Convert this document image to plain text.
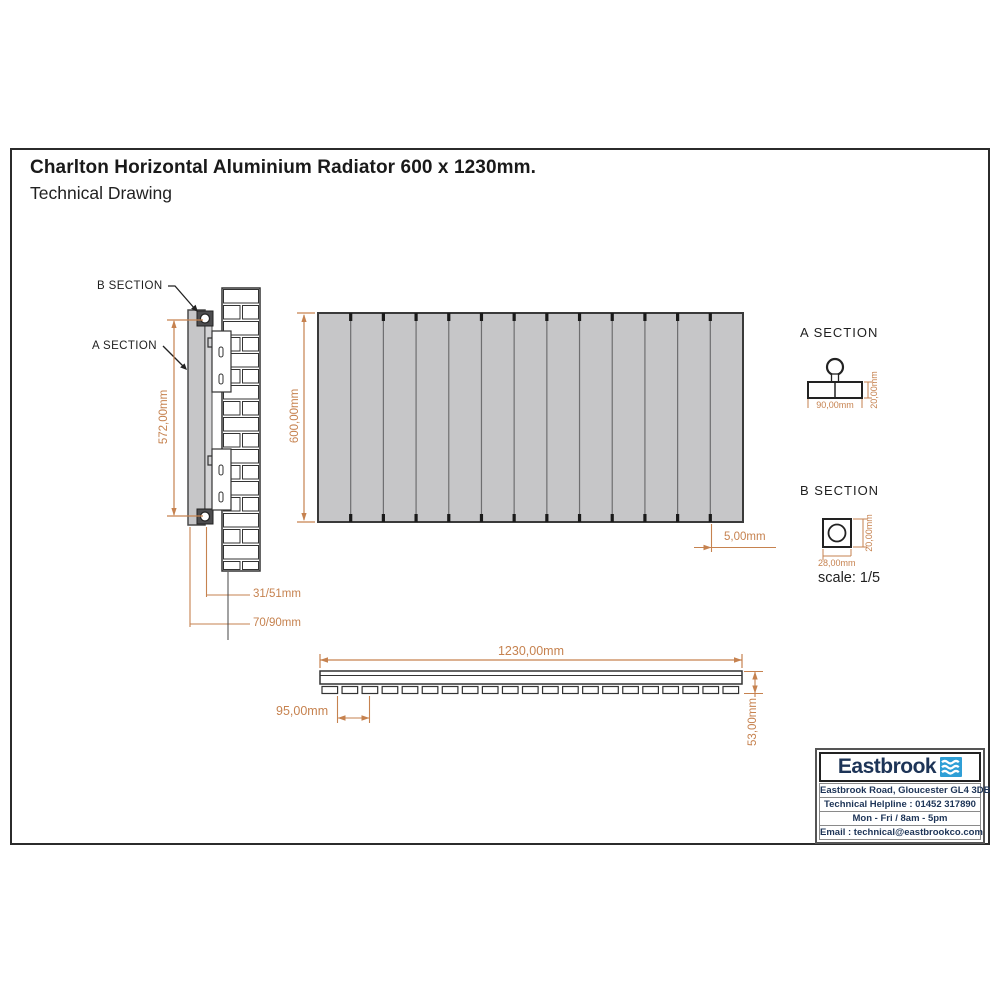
Charlton Horizontal Aluminium Radiator 600 x 1230mm.
Technical Drawing
B SECTION
A SECTION
572,00mm
31/51mm
70/90mm
600,00mm
5,00mm
A SECTION
90,00mm	20,00mm
B SECTION
28,00mm
20,00mm
scale: 1/5
1230,00mm
95,00mm	53,00mm
Eastbrook
Eastbrook Road, Gloucester GL4 3DB
Technical Helpline : 01452 317890
Mon - Fri / 8am - 5pm
Email : technical@eastbrookco.com
